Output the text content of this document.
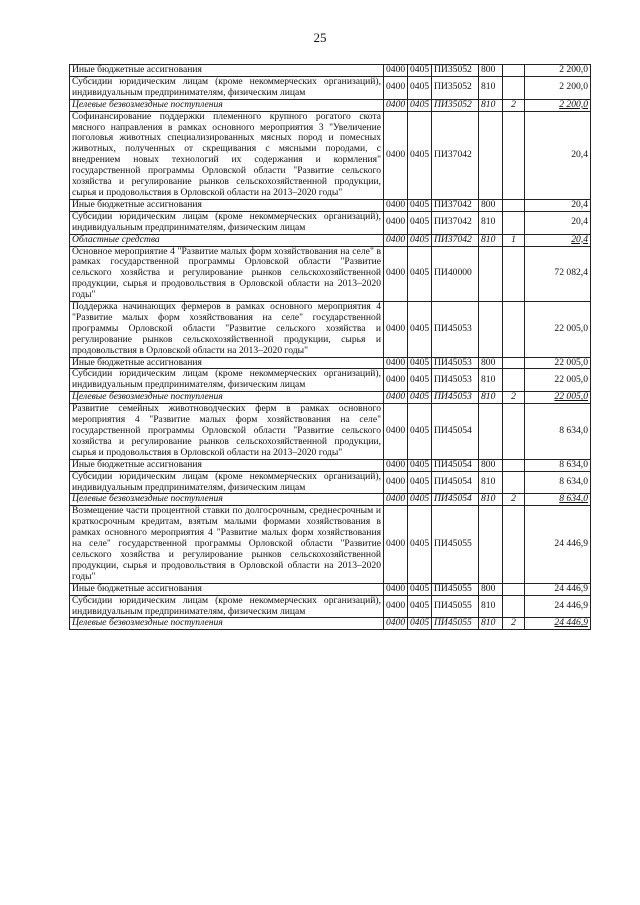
25
Иные бюджетные ассигнования	0400	0405	ПИ35052	800		2 200,0
Субсидии юридическим лицам (кроме некоммерческих организаций), индивидуальным предпринимателям, физическим лицам	0400	0405	ПИ35052	810		2 200,0
Целевые безвозмездные поступления	0400	0405	ПИ35052	810	2	2 200,0
Софинансирование поддержки племенного крупного рогатого скота мясного направления в рамках основного мероприятия 3 "Увеличение поголовья животных специализированных мясных пород и помесных животных, полученных от скрещивания с мясными породами, с внедрением новых технологий их содержания и кормления" государственной программы Орловской области "Развитие сельского хозяйства и регулирование рынков сельскохозяйственной продукции, сырья и продовольствия в Орловской области на 2013–2020 годы"	0400	0405	ПИ37042			20,4
Иные бюджетные ассигнования	0400	0405	ПИ37042	800		20,4
Субсидии юридическим лицам (кроме некоммерческих организаций), индивидуальным предпринимателям, физическим лицам	0400	0405	ПИ37042	810		20,4
Областные средства	0400	0405	ПИ37042	810	1	20,4
Основное мероприятие 4 "Развитие малых форм хозяйствования на селе" в рамках государственной программы Орловской области "Развитие сельского хозяйства и регулирование рынков сельскохозяйственной продукции, сырья и продовольствия в Орловской области на 2013–2020 годы"	0400	0405	ПИ40000			72 082,4
Поддержка начинающих фермеров в рамках основного мероприятия 4 "Развитие малых форм хозяйствования на селе" государственной программы Орловской области "Развитие сельского хозяйства и регулирование рынков сельскохозяйственной продукции, сырья и продовольствия в Орловской области на 2013–2020 годы"	0400	0405	ПИ45053			22 005,0
Иные бюджетные ассигнования	0400	0405	ПИ45053	800		22 005,0
Субсидии юридическим лицам (кроме некоммерческих организаций), индивидуальным предпринимателям, физическим лицам	0400	0405	ПИ45053	810		22 005,0
Целевые безвозмездные поступления	0400	0405	ПИ45053	810	2	22 005,0
Развитие семейных животноводческих ферм в рамках основного мероприятия 4 "Развитие малых форм хозяйствования на селе" государственной программы Орловской области "Развитие сельского хозяйства и регулирование рынков сельскохозяйственной продукции, сырья и продовольствия в Орловской области на 2013–2020 годы"	0400	0405	ПИ45054			8 634,0
Иные бюджетные ассигнования	0400	0405	ПИ45054	800		8 634,0
Субсидии юридическим лицам (кроме некоммерческих организаций), индивидуальным предпринимателям, физическим лицам	0400	0405	ПИ45054	810		8 634,0
Целевые безвозмездные поступления	0400	0405	ПИ45054	810	2	8 634,0
Возмещение части процентной ставки по долгосрочным, среднесрочным и краткосрочным кредитам, взятым малыми формами хозяйствования в рамках основного мероприятия 4 "Развитие малых форм хозяйствования на селе" государственной программы Орловской области "Развитие сельского хозяйства и регулирование рынков сельскохозяйственной продукции, сырья и продовольствия в Орловской области на 2013–2020 годы"	0400	0405	ПИ45055			24 446,9
Иные бюджетные ассигнования	0400	0405	ПИ45055	800		24 446,9
Субсидии юридическим лицам (кроме некоммерческих организаций), индивидуальным предпринимателям, физическим лицам	0400	0405	ПИ45055	810		24 446,9
Целевые безвозмездные поступления	0400	0405	ПИ45055	810	2	24 446,9
